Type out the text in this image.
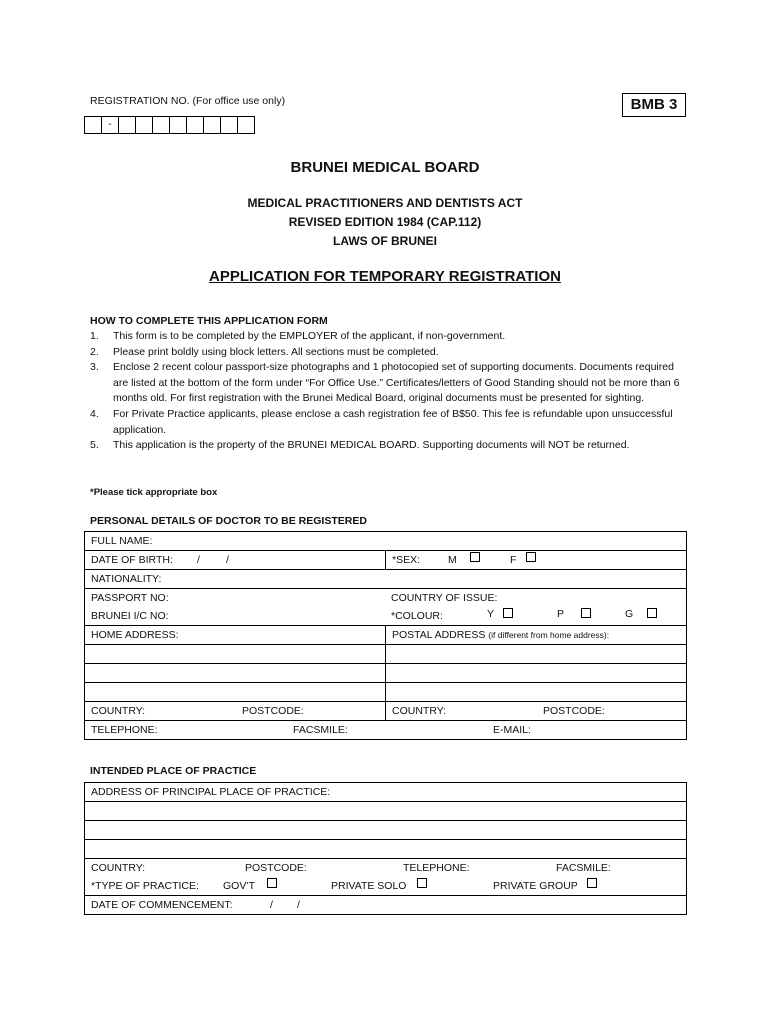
REGISTRATION NO. (For office use only)
-
BMB 3
BRUNEI MEDICAL BOARD
MEDICAL PRACTITIONERS AND DENTISTS ACT
REVISED EDITION 1984 (CAP.112)
LAWS OF BRUNEI
APPLICATION FOR TEMPORARY REGISTRATION
HOW TO COMPLETE THIS APPLICATION FORM
1. This form is to be completed by the EMPLOYER of the applicant, if non-government.
2. Please print boldly using block letters. All sections must be completed.
3. Enclose 2 recent colour passport-size photographs and 1 photocopied set of supporting documents. Documents required are listed at the bottom of the form under “For Office Use.” Certificates/letters of Good Standing should not be more than 6 months old. For first registration with the Brunei Medical Board, original documents must be presented for sighting.
4. For Private Practice applicants, please enclose a cash registration fee of B$50. This fee is refundable upon unsuccessful application.
5. This application is the property of the BRUNEI MEDICAL BOARD. Supporting documents will NOT be returned.
*Please tick appropriate box
PERSONAL DETAILS OF DOCTOR TO BE REGISTERED
FULL NAME:	
DATE OF BIRTH: / /	*SEX: M F

NATIONALITY:	
PASSPORT NO: COUNTRY OF ISSUE:	

BRUNEI I/C NO: *COLOUR: Y P G	

HOME ADDRESS:	POSTAL ADDRESS (if different from home address):

COUNTRY: POSTCODE:	COUNTRY: POSTCODE:

TELEPHONE: FACSMILE: E-MAIL:	
INTENDED PLACE OF PRACTICE
ADDRESS OF PRINCIPAL PLACE OF PRACTICE:

COUNTRY:	POSTCODE:	TELEPHONE:	FACSMILE:

*TYPE OF PRACTICE: GOV’T	PRIVATE SOLO	PRIVATE GROUP

DATE OF COMMENCEMENT:	/ /
